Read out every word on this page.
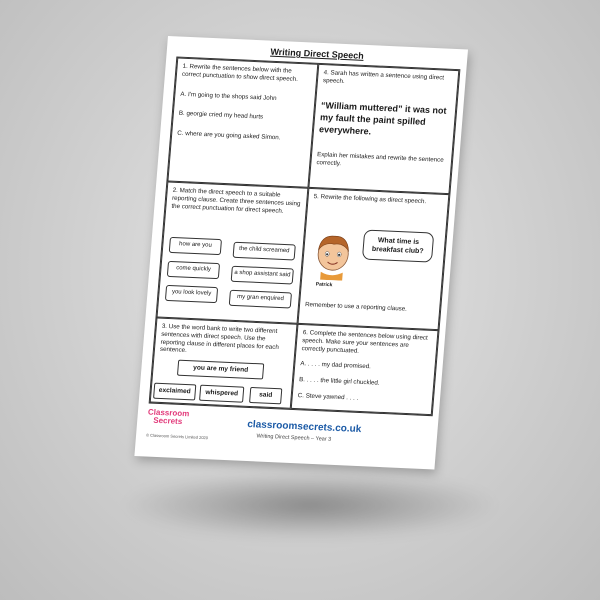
Writing Direct Speech

1. Rewrite the sentences below with the correct punctuation to show direct speech.

A. I'm going to the shops said John

B. georgie cried my head hurts

C. where are you going asked Simon.

4. Sarah has written a sentence using direct speech.

“William muttered” it was not my fault the paint spilled everywhere.

Explain her mistakes and rewrite the sentence correctly.

2. Match the direct speech to a suitable reporting clause. Create three sentences using the correct punctuation for direct speech.

how are you
come quickly
you look lovely
the child screamed
a shop assistant said
my gran enquired

5. Rewrite the following as direct speech.

What time is breakfast club?
Patrick

Remember to use a reporting clause.

3. Use the word bank to write two different sentences with direct speech. Use the reporting clause in different places for each sentence.

you are my friend
exclaimed	whispered	said

6. Complete the sentences below using direct speech. Make sure your sentences are correctly punctuated.

A. . . . . my dad promised.

B. . . . . the little girl chuckled.

C. Steve yawned . . . .

Classroom
Secrets
© Classroom Secrets Limited 2020
classroomsecrets.co.uk
Writing Direct Speech – Year 3
